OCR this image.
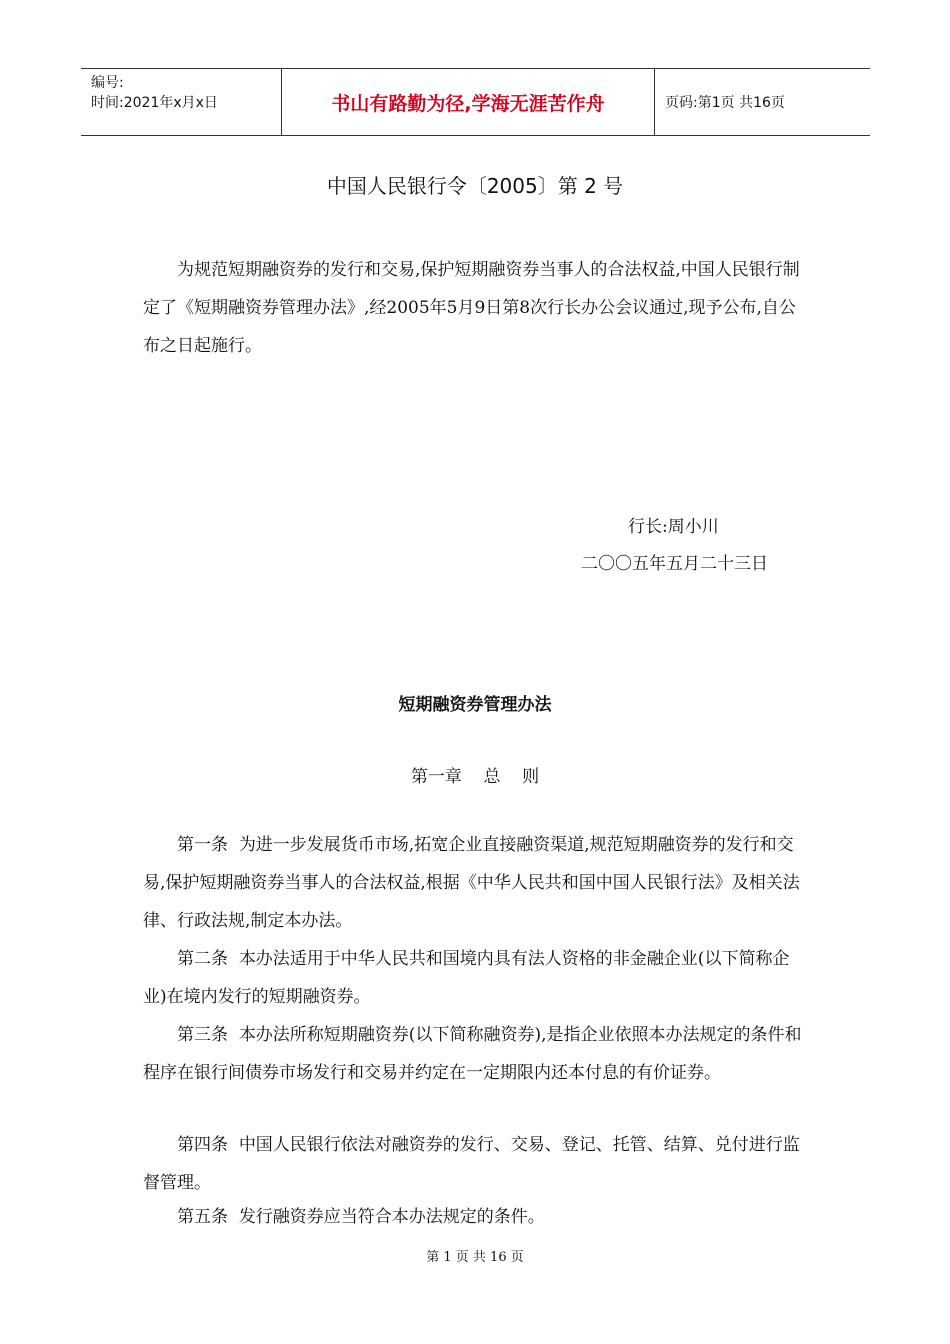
编号:
时间:2021年x月x日	书山有路勤为径,学海无涯苦作舟	页码:第1页 共16页
中国人民银行令〔2005〕第 2 号

为规范短期融资券的发行和交易,保护短期融资券当事人的合法权益,中国人民银行制定了《短期融资券管理办法》,经2005年5月9日第8次行长办公会议通过,现予公布,自公布之日起施行。

行长:周小川
二〇〇五年五月二十三日
短期融资券管理办法
第一章    总    则

第一条 为进一步发展货币市场,拓宽企业直接融资渠道,规范短期融资券的发行和交易,保护短期融资券当事人的合法权益,根据《中华人民共和国中国人民银行法》及相关法律、行政法规,制定本办法。

第二条 本办法适用于中华人民共和国境内具有法人资格的非金融企业(以下简称企业)在境内发行的短期融资券。

第三条 本办法所称短期融资券(以下简称融资券),是指企业依照本办法规定的条件和程序在银行间债券市场发行和交易并约定在一定期限内还本付息的有价证券。

第四条 中国人民银行依法对融资券的发行、交易、登记、托管、结算、兑付进行监督管理。

第五条 发行融资券应当符合本办法规定的条件。

第 1 页 共 16 页
